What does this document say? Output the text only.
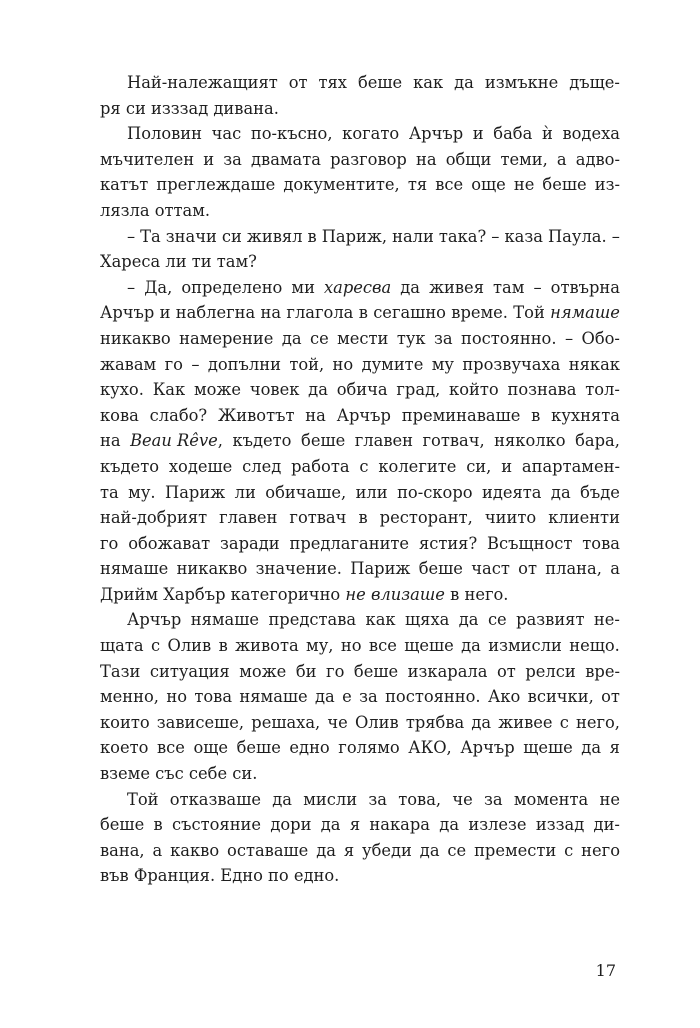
Най-належащият от тях беше как да измъкне дъще-
ря си изззад дивана.
Половин час по-късно, когато Арчър и баба ѝ водеха
мъчителен и за двамата разговор на общи теми, а адво-
катът преглеждаше документите, тя все още не беше из-
лязла оттам.
– Та значи си живял в Париж, нали така? – каза Паула. –
Хареса ли ти там?
– Да, определено ми харесва да живея там – отвърна
Арчър и наблегна на глагола в сегашно време. Той нямаше
никакво намерение да се мести тук за постоянно. – Обо-
жавам го – допълни той, но думите му прозвучаха някак
кухо. Как може човек да обича град, който познава тол-
кова слабо? Животът на Арчър преминаваше в кухнята
на Beau Rêve, където беше главен готвач, няколко бара,
където ходеше след работа с колегите си, и апартамен-
та му. Париж ли обичаше, или по-скоро идеята да бъде
най-добрият главен готвач в ресторант, чиито клиенти
го обожават заради предлаганите ястия? Всъщност това
нямаше никакво значение. Париж беше част от плана, а
Дрийм Харбър категорично не влизаше в него.
Арчър нямаше представа как щяха да се развият не-
щата с Олив в живота му, но все щеше да измисли нещо.
Тази ситуация може би го беше изкарала от релси вре-
менно, но това нямаше да е за постоянно. Ако всички, от
които зависеше, решаха, че Олив трябва да живее с него,
което все още беше едно голямо АКО, Арчър щеше да я
вземе със себе си.
Той отказваше да мисли за това, че за момента не
беше в състояние дори да я накара да излезе иззад ди-
вана, а какво оставаше да я убеди да се премести с него
във Франция. Едно по едно.
17
